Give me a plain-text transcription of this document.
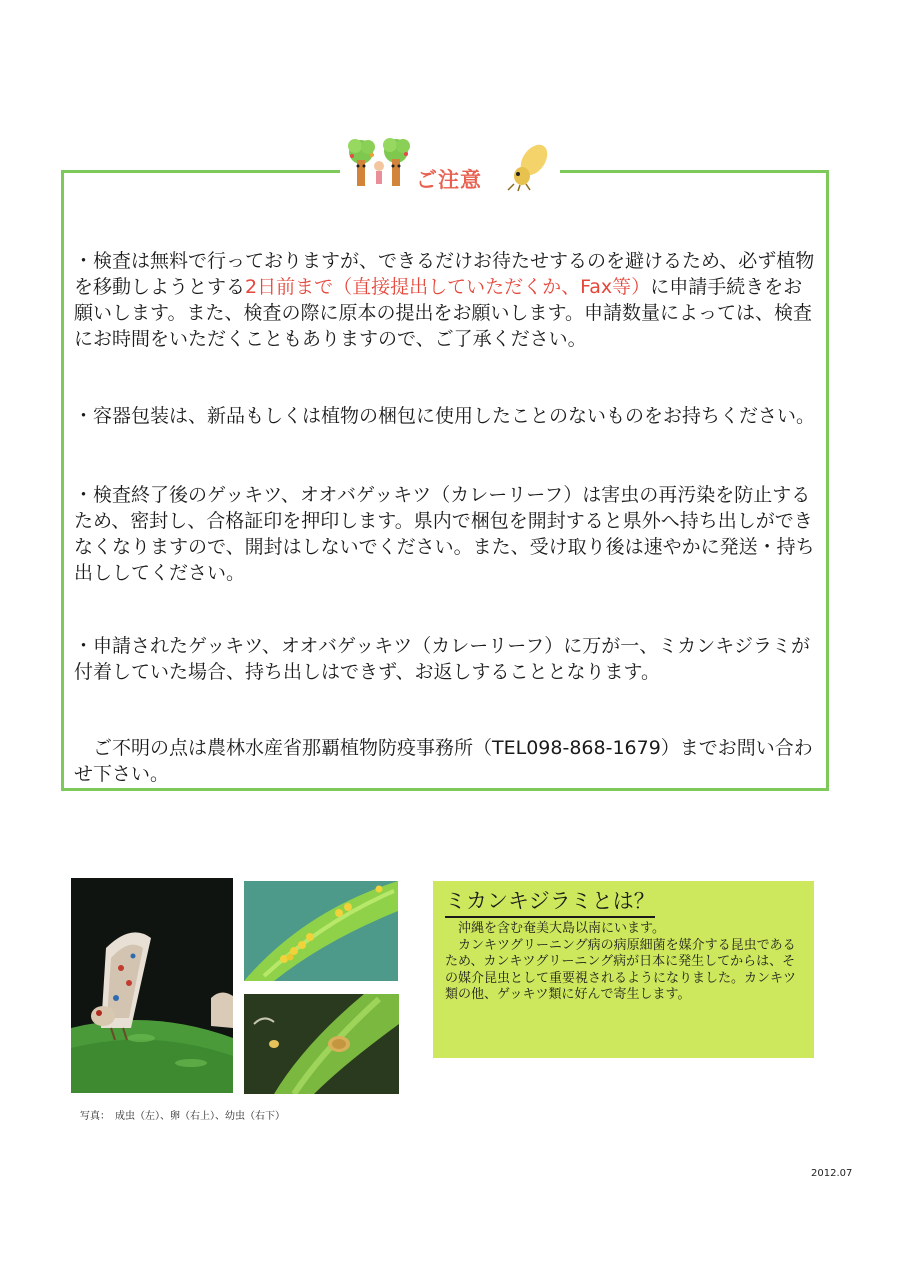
ご注意
・検査は無料で行っておりますが、できるだけお待たせするのを避けるため、必ず植物を移動しようとする2日前まで（直接提出していただくか、Fax等）に申請手続きをお願いします。また、検査の際に原本の提出をお願いします。申請数量によっては、検査にお時間をいただくこともありますので、ご了承ください。
・容器包装は、新品もしくは植物の梱包に使用したことのないものをお持ちください。
・検査終了後のゲッキツ、オオバゲッキツ（カレーリーフ）は害虫の再汚染を防止するため、密封し、合格証印を押印します。県内で梱包を開封すると県外へ持ち出しができなくなりますので、開封はしないでください。また、受け取り後は速やかに発送・持ち出ししてください。
・申請されたゲッキツ、オオバゲッキツ（カレーリーフ）に万が一、ミカンキジラミが付着していた場合、持ち出しはできず、お返しすることとなります。
　ご不明の点は農林水産省那覇植物防疫事務所（TEL098-868-1679）までお問い合わせ下さい。
写真：　成虫（左）、卵（右上）、幼虫（右下）
ミカンキジラミとは？
　沖縄を含む奄美大島以南にいます。
　カンキツグリーニング病の病原細菌を媒介する昆虫であるため、カンキツグリーニング病が日本に発生してからは、その媒介昆虫として重要視されるようになりました。カンキツ類の他、ゲッキツ類に好んで寄生します。
2012.07
